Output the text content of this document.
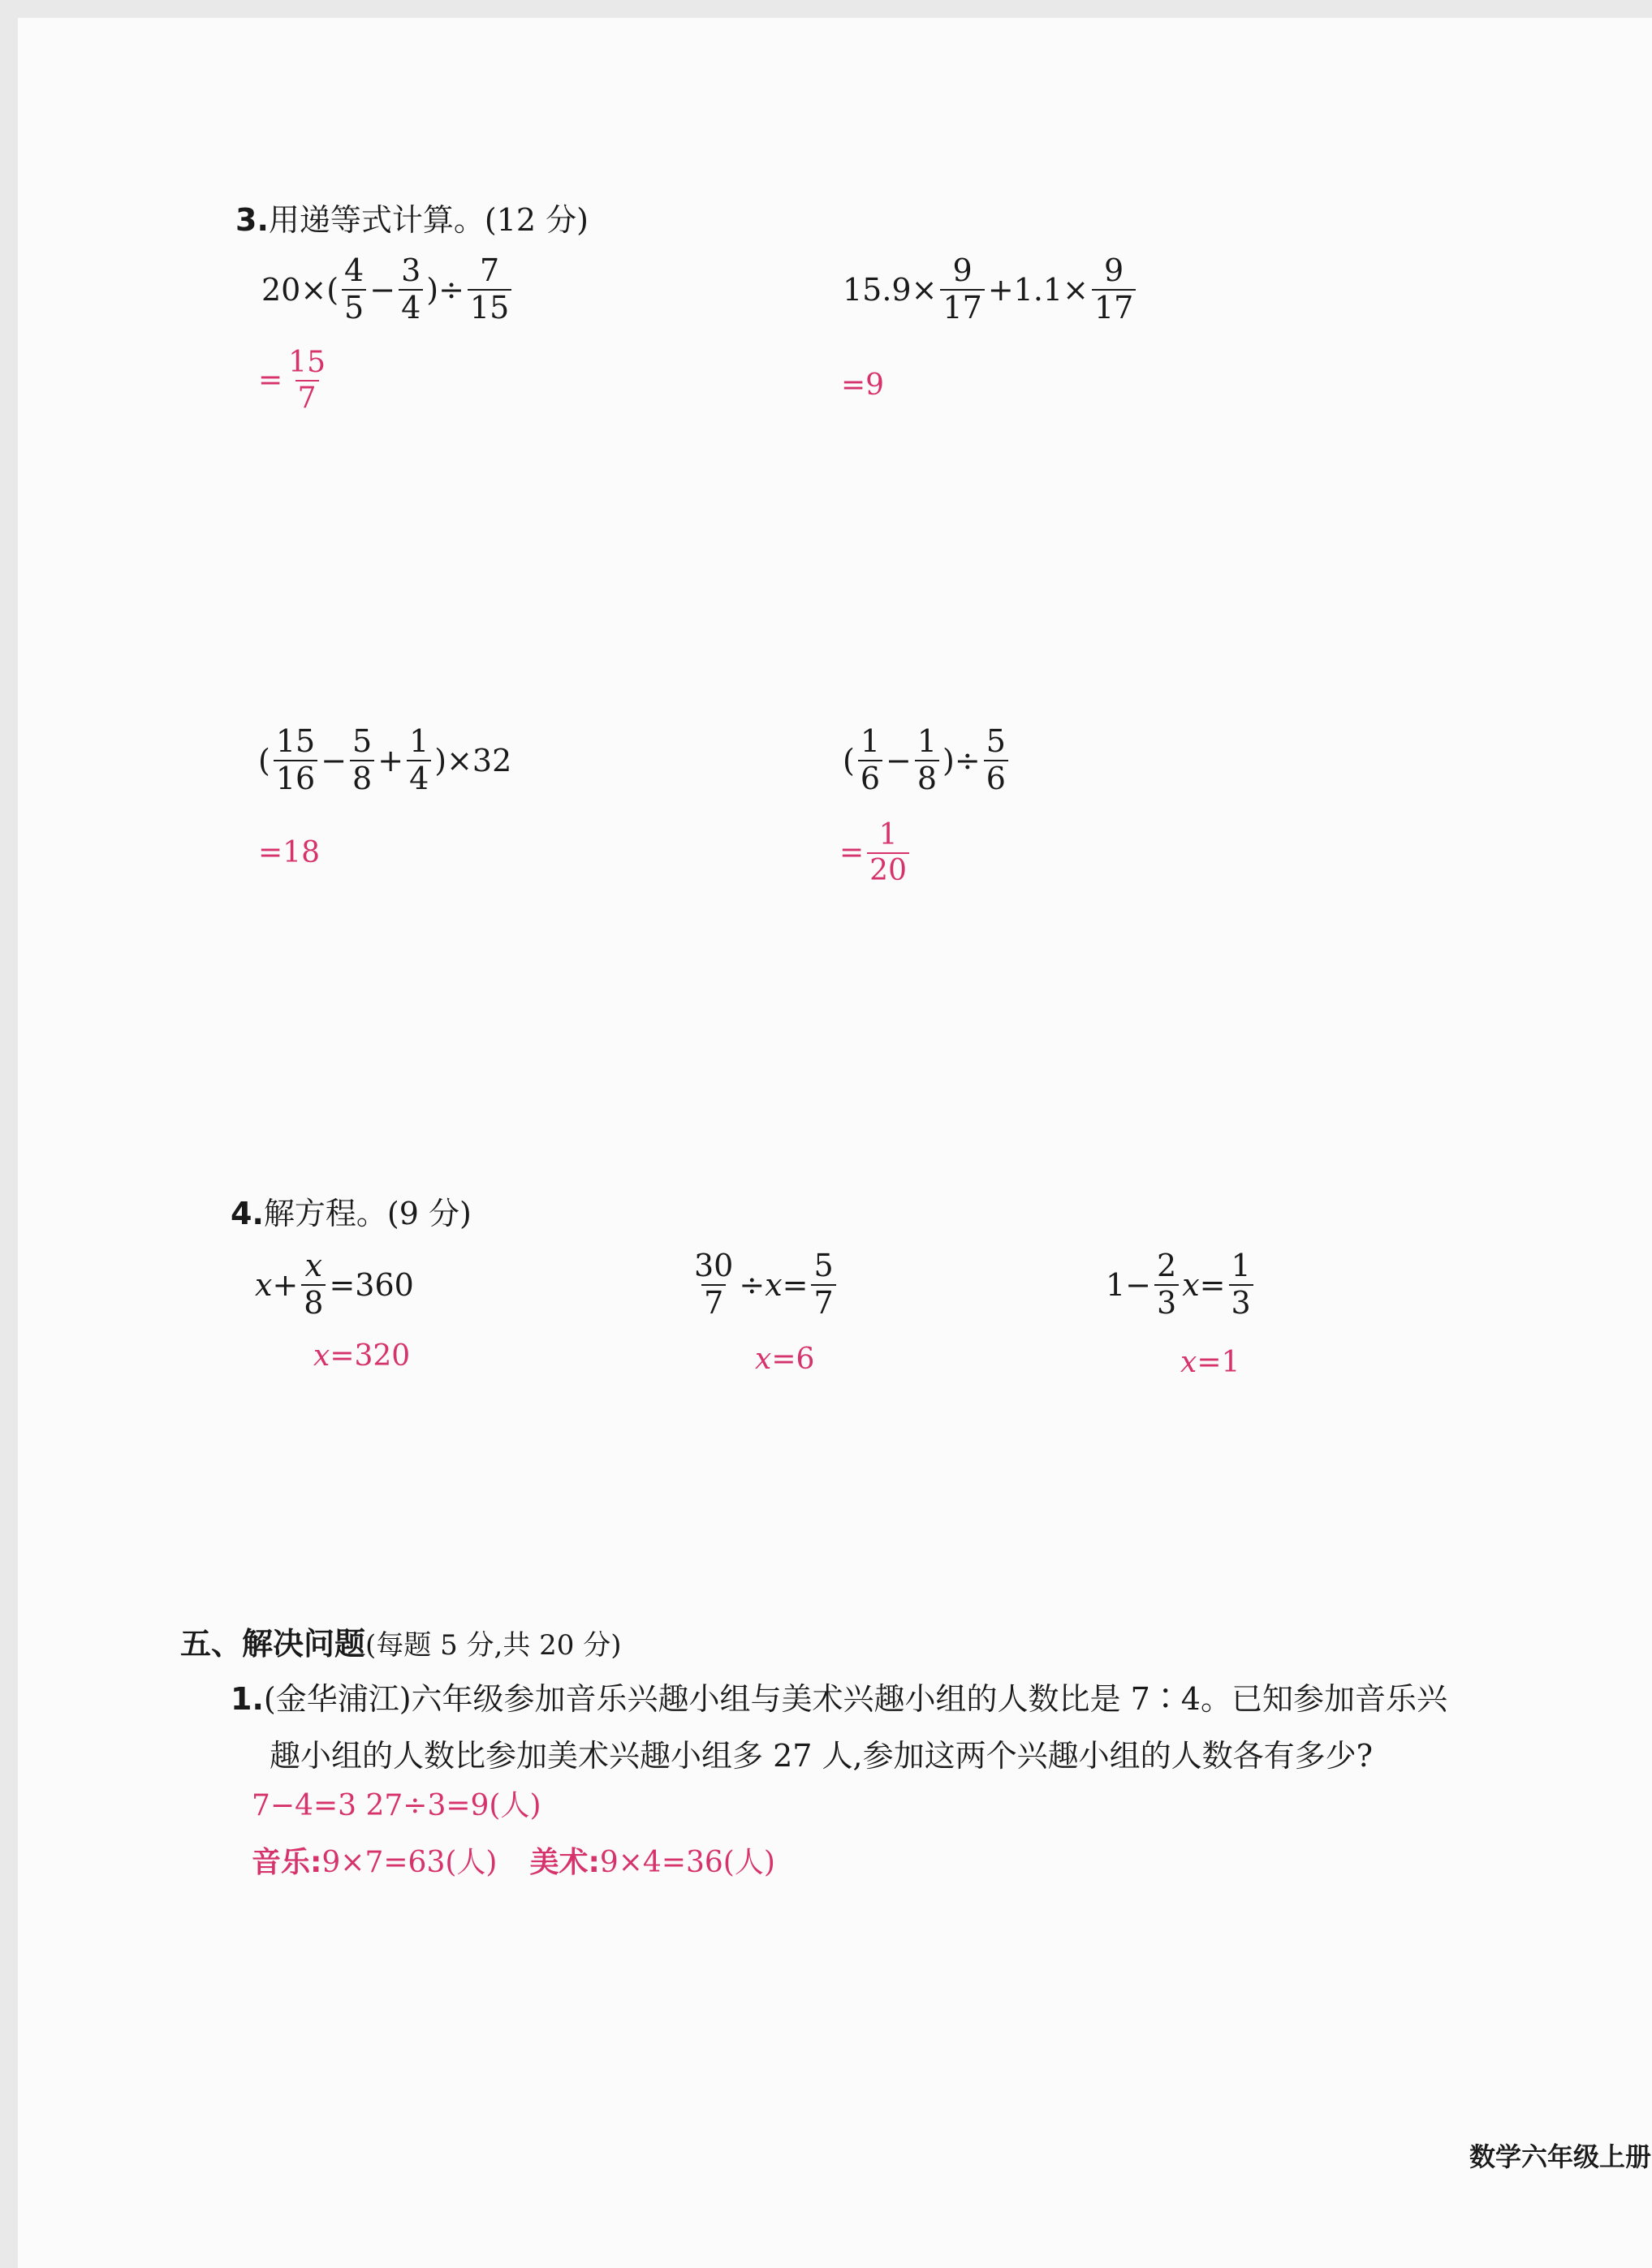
3.用递等式计算。(12 分)
$20\times( \frac{4}{5} - \frac{3}{4}$ )÷ $\frac{7}{15}$
= $\frac{15}{7}$
$15.9\times \frac{9}{17} +1.1\times \frac{9}{17}$
=9
( $\frac{15}{16} - \frac{5}{8} + \frac{1}{4} )\times 32$
=18
( $\frac{1}{6} - \frac{1}{8}$ )÷ $\frac{5}{6}$
= $\frac{1}{20}$
4.解方程。(9 分)
$x + \frac{x}{8} =360$
x =320
$\frac{30}{7} \div x = \frac{5}{7}$
x =6
$1- \frac{2}{3}$ $x = \frac{1}{3}$
x =1
五、解决问题(每题 5 分,共 20 分)
1.(金华浦江)六年级参加音乐兴趣小组与美术兴趣小组的人数比是 7∶4。已知参加音乐兴
趣小组的人数比参加美术兴趣小组多 27 人,参加这两个兴趣小组的人数各有多少?
7−4=3 27÷3=9(人)
音乐: 9×7=63(人) 美术: 9×4=36(人)
数学六年级上册
